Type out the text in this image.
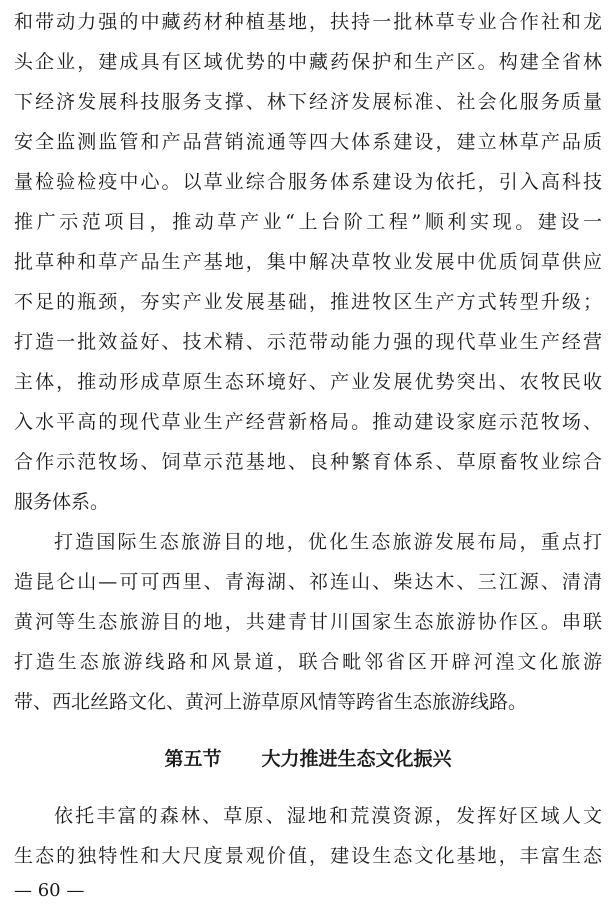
和带动力强的中藏药材种植基地，扶持一批林草专业合作社和龙
头企业，建成具有区域优势的中藏药保护和生产区。构建全省林
下经济发展科技服务支撑、林下经济发展标准、社会化服务质量
安全监测监管和产品营销流通等四大体系建设，建立林草产品质
量检验检疫中心。以草业综合服务体系建设为依托，引入高科技
推广示范项目，推动草产业“上台阶工程”顺利实现。建设一
批草种和草产品生产基地，集中解决草牧业发展中优质饲草供应
不足的瓶颈，夯实产业发展基础，推进牧区生产方式转型升级；
打造一批效益好、技术精、示范带动能力强的现代草业生产经营
主体，推动形成草原生态环境好、产业发展优势突出、农牧民收
入水平高的现代草业生产经营新格局。推动建设家庭示范牧场、
合作示范牧场、饲草示范基地、良种繁育体系、草原畜牧业综合
服务体系。
打造国际生态旅游目的地，优化生态旅游发展布局，重点打
造昆仑山—可可西里、青海湖、祁连山、柴达木、三江源、清清
黄河等生态旅游目的地，共建青甘川国家生态旅游协作区。串联
打造生态旅游线路和风景道，联合毗邻省区开辟河湟文化旅游
带、西北丝路文化、黄河上游草原风情等跨省生态旅游线路。
第五节 大力推进生态文化振兴
依托丰富的森林、草原、湿地和荒漠资源，发挥好区域人文
生态的独特性和大尺度景观价值，建设生态文化基地，丰富生态
— 60 —
